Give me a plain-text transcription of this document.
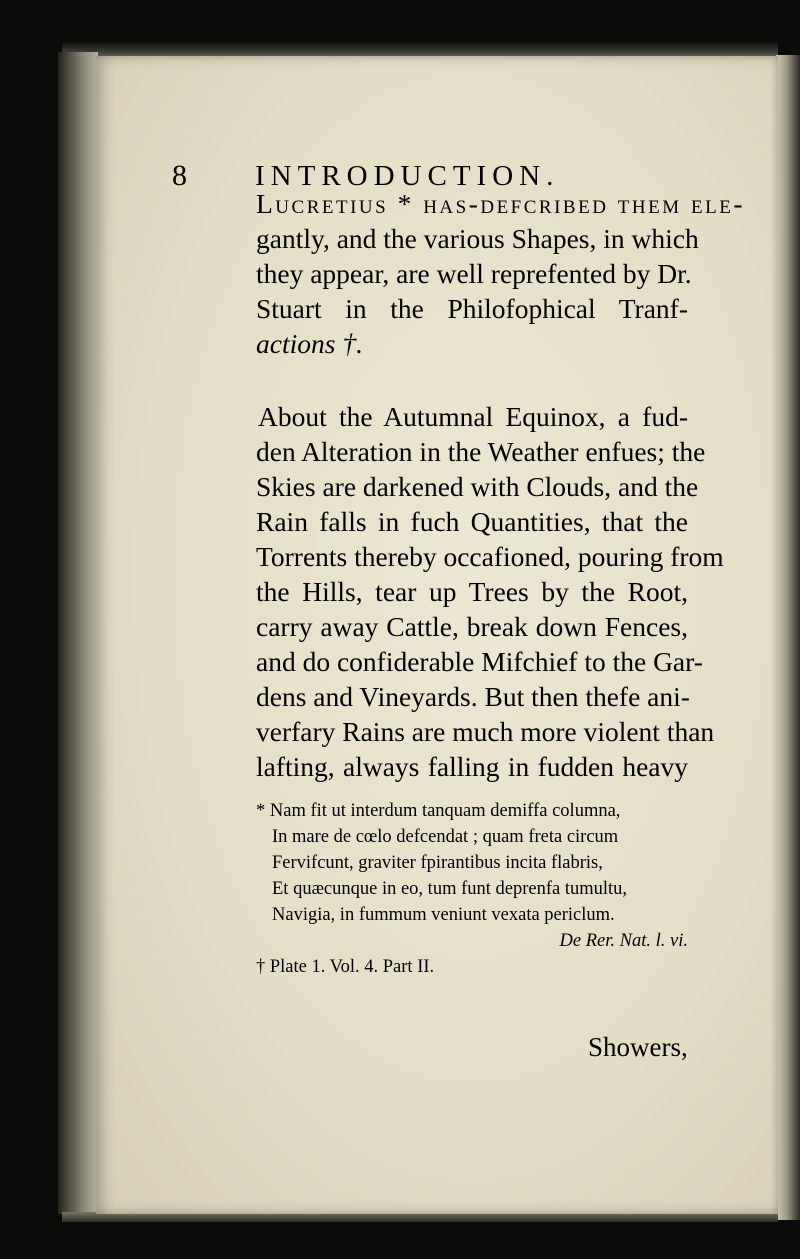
8 INTRODUCTION.

Lucretius * has-defcribed them ele-
gantly, and the various Shapes, in which
they appear, are well reprefented by Dr.
Stuart in the Philofophical Tranf-
actions †.

About the Autumnal Equinox, a fud-
den Alteration in the Weather enfues; the
Skies are darkened with Clouds, and the
Rain falls in fuch Quantities, that the
Torrents thereby occafioned, pouring from
the Hills, tear up Trees by the Root,
carry away Cattle, break down Fences,
and do confiderable Mifchief to the Gar-
dens and Vineyards. But then thefe ani-
verfary Rains are much more violent than
lafting, always falling in fudden heavy

* Nam fit ut interdum tanquam demiffa columna,
In mare de cœlo defcendat ; quam freta circum
Fervifcunt, graviter fpirantibus incita flabris,
Et quæcunque in eo, tum funt deprenfa tumultu,
Navigia, in fummum veniunt vexata periclum.
De Rer. Nat. l. vi.
† Plate 1. Vol. 4. Part II.
Showers,
